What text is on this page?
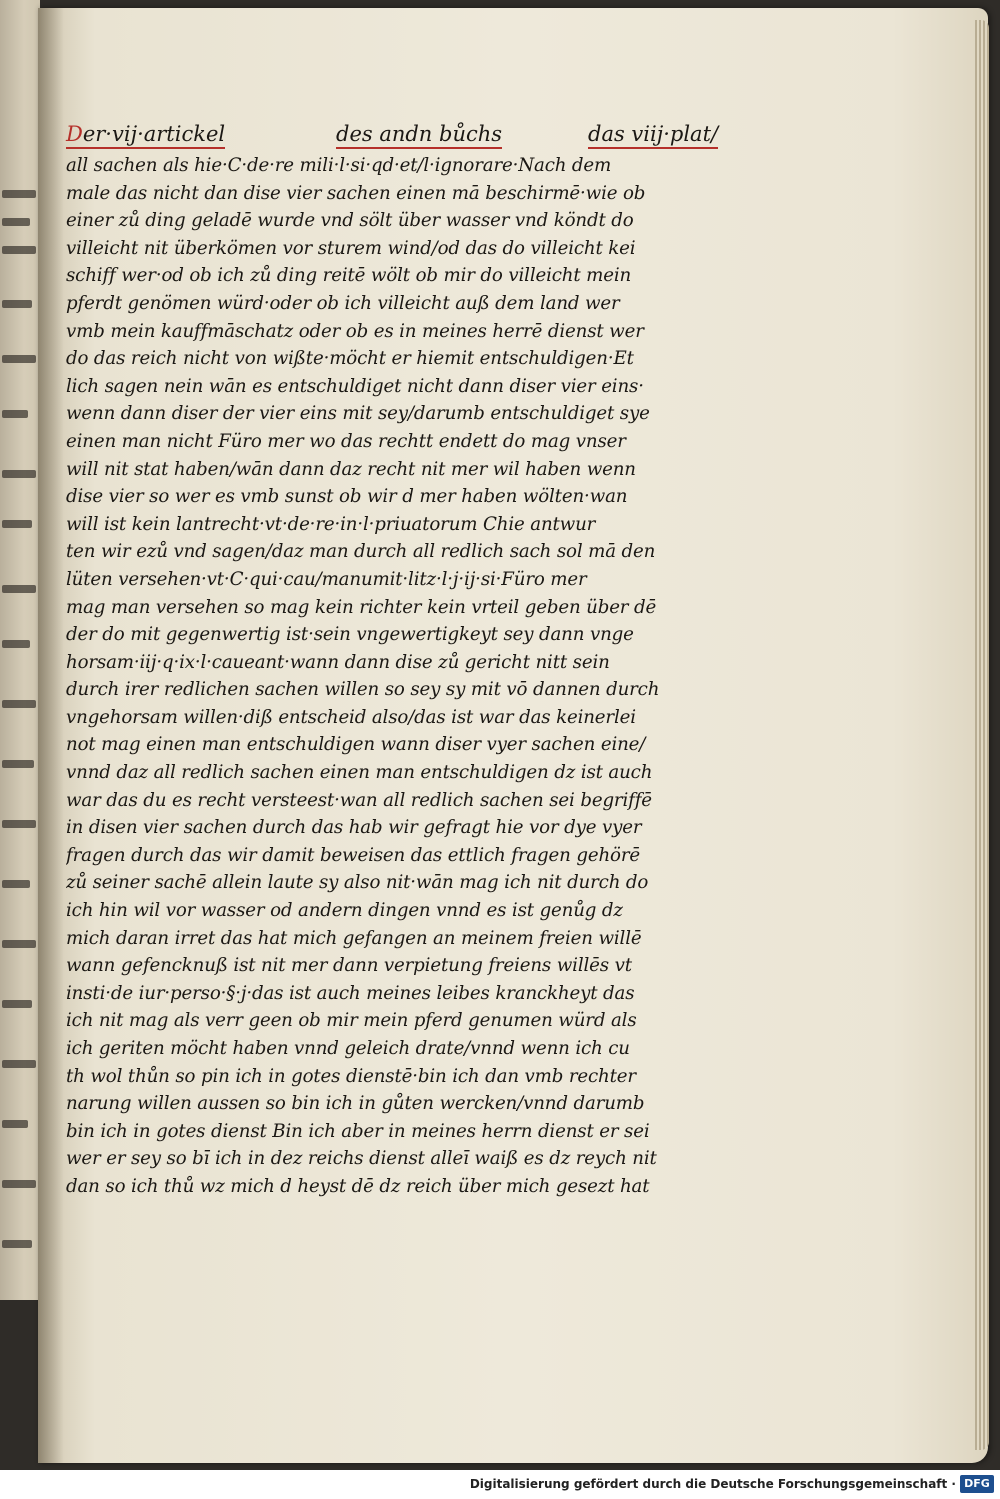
Der·vij·artickel	des andn bůchs	das viij·plat/
all sachen als hie·C·de·re mili·l·si·qd·et/l·ignorare·Nach dem
male das nicht dan dise vier sachen einen mā beschirmē·wie ob
einer zů ding geladē wurde vnd sölt über wasser vnd köndt do
villeicht nit überkömen vor sturem wind/od das do villeicht kei
schiff wer·od ob ich zů ding reitē wölt ob mir do villeicht mein
pferdt genömen würd·oder ob ich villeicht auß dem land wer
vmb mein kauffmāschatz oder ob es in meines herrē dienst wer
do das reich nicht von wißte·möcht er hiemit entschuldigen·Et
lich sagen nein wān es entschuldiget nicht dann diser vier eins·
wenn dann diser der vier eins mit sey/darumb entschuldiget sye
einen man nicht Füro mer wo das rechtt endett do mag vnser
will nit stat haben/wān dann daz recht nit mer wil haben wenn
dise vier so wer es vmb sunst ob wir d mer haben wölten·wan
will ist kein lantrecht·vt·de·re·in·l·priuatorum Chie antwur
ten wir ezů vnd sagen/daz man durch all redlich sach sol mā den
lüten versehen·vt·C·qui·cau/manumit·litz·l·j·ij·si·Füro mer
mag man versehen so mag kein richter kein vrteil geben über dē
der do mit gegenwertig ist·sein vngewertigkeyt sey dann vnge
horsam·iij·q·ix·l·caueant·wann dann dise zů gericht nitt sein
durch irer redlichen sachen willen so sey sy mit vō dannen durch
vngehorsam willen·diß entscheid also/das ist war das keinerlei
not mag einen man entschuldigen wann diser vyer sachen eine/
vnnd daz all redlich sachen einen man entschuldigen dz ist auch
war das du es recht versteest·wan all redlich sachen sei begriffē
in disen vier sachen durch das hab wir gefragt hie vor dye vyer
fragen durch das wir damit beweisen das ettlich fragen gehörē
zů seiner sachē allein laute sy also nit·wān mag ich nit durch do
ich hin wil vor wasser od andern dingen vnnd es ist genůg dz
mich daran irret das hat mich gefangen an meinem freien willē
wann gefencknuß ist nit mer dann verpietung freiens willēs vt
insti·de iur·perso·§·j·das ist auch meines leibes kranckheyt das
ich nit mag als verr geen ob mir mein pferd genumen würd als
ich geriten möcht haben vnnd geleich drate/vnnd wenn ich cu
th wol thůn so pin ich in gotes dienstē·bin ich dan vmb rechter
narung willen aussen so bin ich in gůten wercken/vnnd darumb
bin ich in gotes dienst Bin ich aber in meines herrn dienst er sei
wer er sey so bī ich in dez reichs dienst alleī waiß es dz reych nit
dan so ich thů wz mich d heyst dē dz reich über mich gesezt hat
Digitalisierung gefördert durch die Deutsche Forschungsgemeinschaft · DFG
